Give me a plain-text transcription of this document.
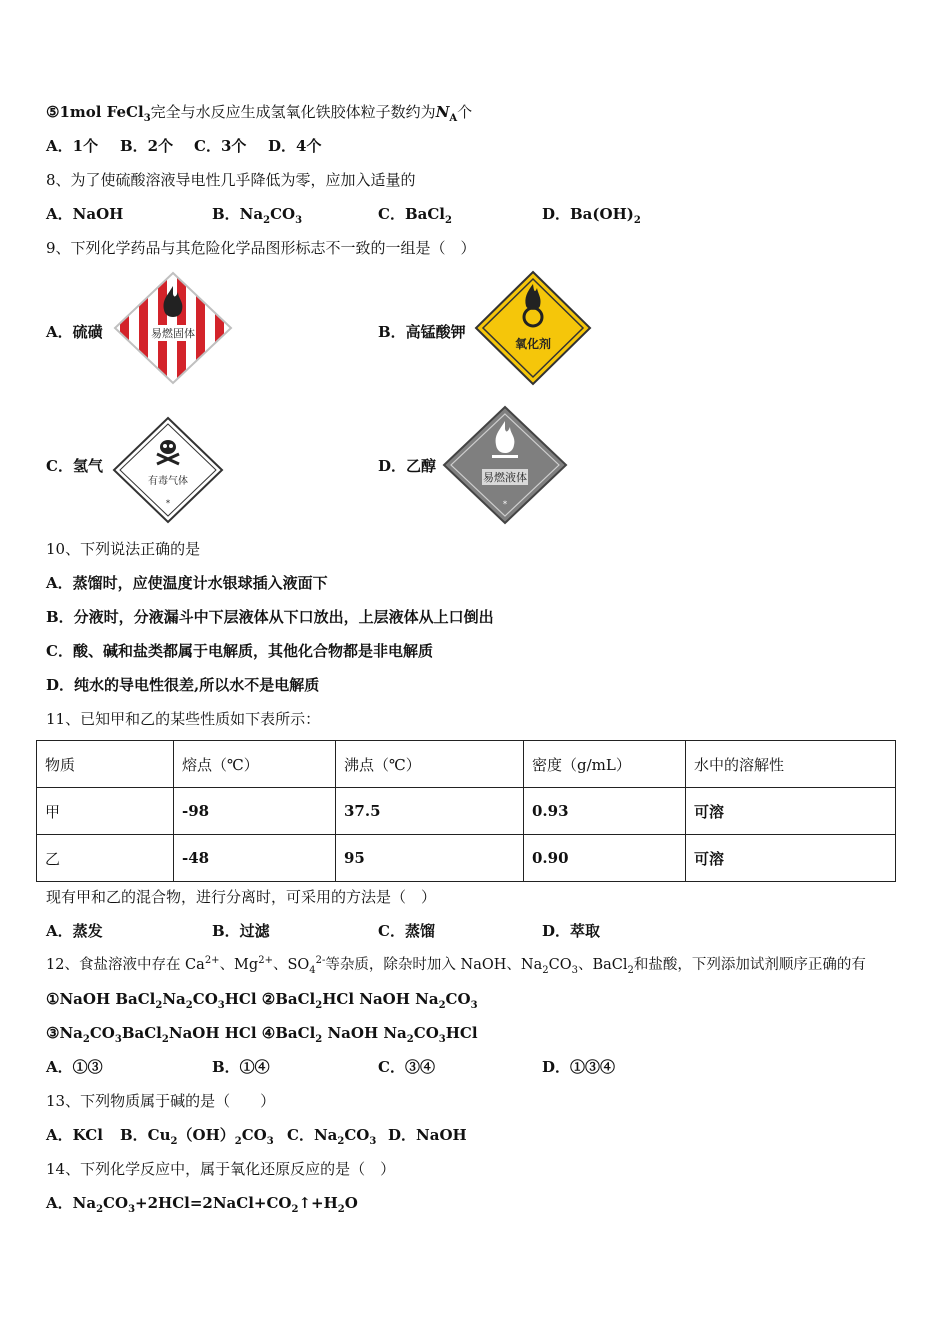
⑤1mol FeCl$_3$完全与水反应生成氢氧化铁胶体粒子数约为$N_A$个
A．1个 B．2个 C．3个 D．4个
8、为了使硫酸溶液导电性几乎降低为零，应加入适量的
A．NaOH	B．$Na_2CO_3$	C．BaCl$_2$	D．$Ba(OH)_2$
9、下列化学药品与其危险化学品图形标志不一致的一组是（　）
A．硫磺	易燃固体	B．高锰酸钾
氧化剂
C．氢气
有毒气体
*
D．乙醇
易燃液体
*
10、下列说法正确的是
A．蒸馏时，应使温度计水银球插入液面下
B．分液时，分液漏斗中下层液体从下口放出，上层液体从上口倒出
C．酸、碱和盐类都属于电解质，其他化合物都是非电解质
D．纯水的导电性很差,所以水不是电解质
11、已知甲和乙的某些性质如下表所示：
物质	熔点（℃）	沸点（℃）	密度（g/mL）	水中的溶解性
甲	-98	37.5	0.93	可溶
乙	-48	95	0.90	可溶
现有甲和乙的混合物，进行分离时，可采用的方法是（　）
A．蒸发	B．过滤	C．蒸馏	D．萃取
12、食盐溶液中存在 $Ca^{2+}$、$Mg^{2+}$、$SO_4^{2-}$等杂质，除杂时加入 NaOH、$Na_2CO_3$、BaCl$_2$和盐酸，下列添加试剂顺序正确的有
①NaOH $BaCl_2Na_2CO_3HCl$ ②BaCl$_2$HCl NaOH $Na_2CO_3$
$③Na_2CO_3BaCl_2NaOH$ HCl ④BaCl$_2$ NaOH $Na_2CO_3HCl$
A．①③	B．①④	C．③④	D．①③④
13、下列物质属于碱的是（　　）
A．KCl B．$Cu_2(OH)_2CO_3$ C．$Na_2CO_3$ D．NaOH
14、下列化学反应中，属于氧化还原反应的是（　）
A．$Na_2CO_3+2HCl=2NaCl+CO_2↑+H_2O$
